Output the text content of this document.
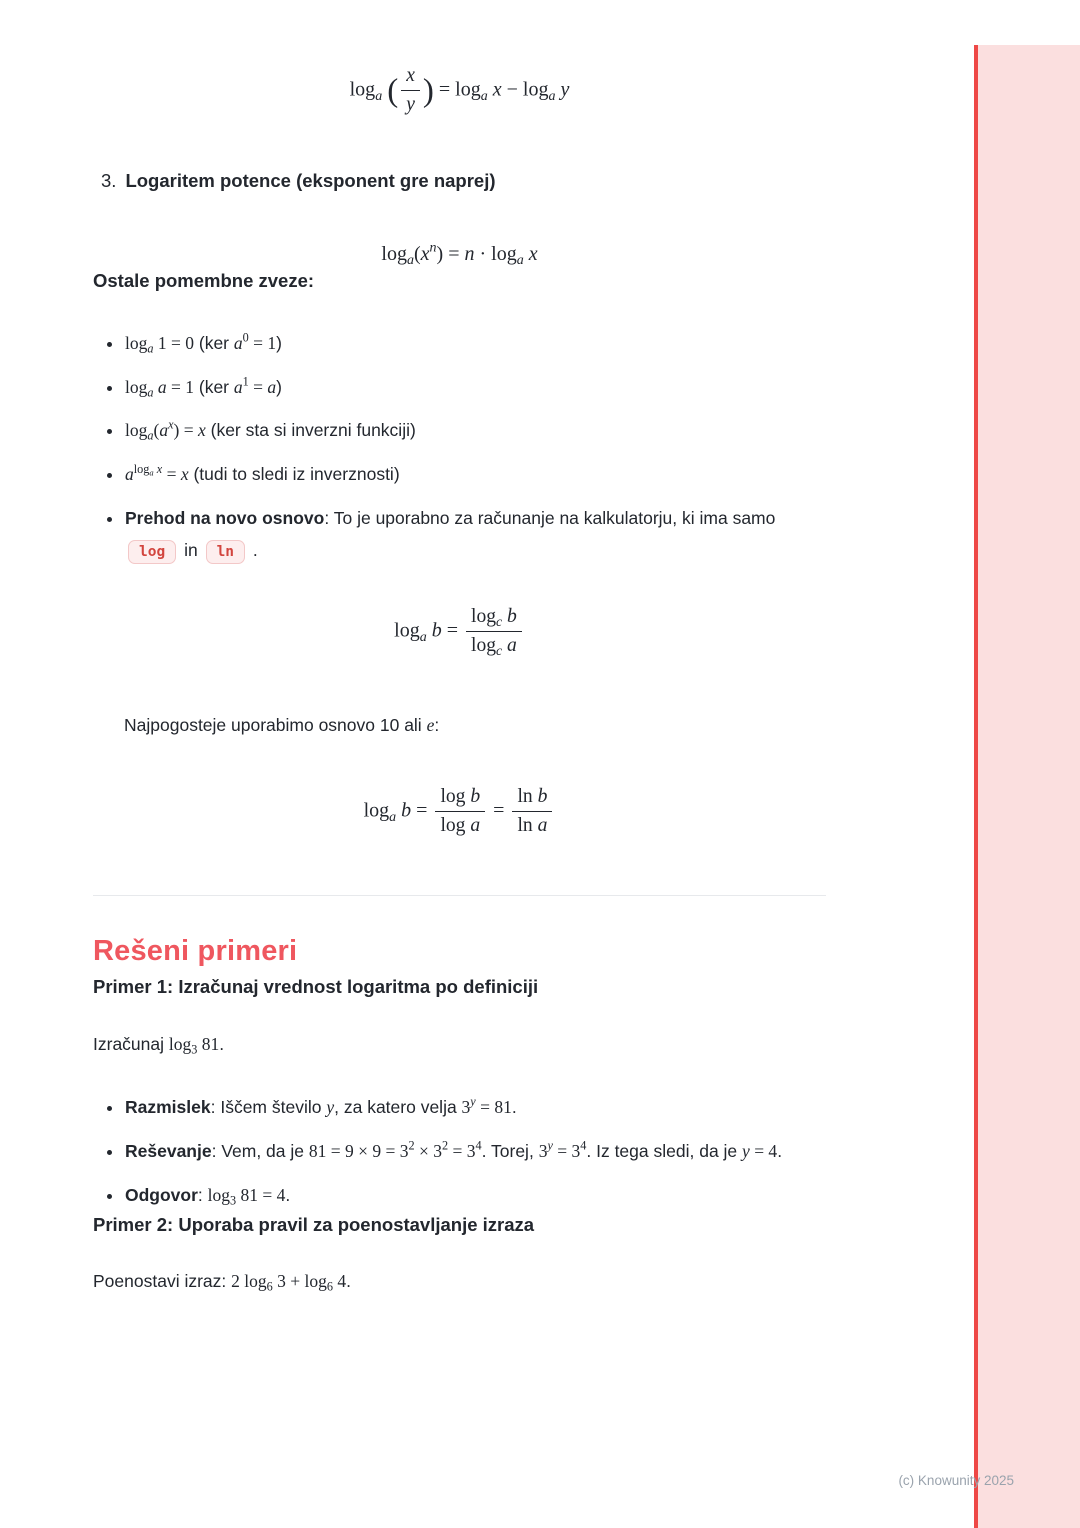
$\log_a$ ( $\frac{x}{y}$ ) = $\log_a x - \log_a y$
3. Logaritem potence (eksponent gre naprej)
$\log_a(x^n) = n \cdot \log_a x$
Ostale pomembne zveze:
• $\log_a 1 = 0$ (ker $a^0 = 1$)
• $\log_a a = 1$ (ker $a^1 = a$)
• $\log_a(a^x) = x$ (ker sta si inverzni funkciji)
• $a^{log_a x} = x$ (tudi to sledi iz inverznosti)
• Prehod na novo osnovo: To je uporabno za računanje na kalkulatorju, ki ima samo log in ln .
$\log_a b = \frac{\log_c b}{\log_c a}$

Najpogosteje uporabimo osnovo 10 ali e:

$\log_a b = \frac{\text{log b}}{\text{log a}} = \frac{\text{ln b}}{\text{ln a}}$
Rešeni primeri
Primer 1: Izračunaj vrednost logaritma po definiciji

Izračunaj $\log_3 81$.

• Razmislek: Iščem število y, za katero velja $3^y = 81$.
• Reševanje: Vem, da je $81 = 9 \times 9 = 3^2 \times 3^2 = 3^4$. Torej, $3^y = 3^4$. Iz tega sledi, da je y = 4.
• Odgovor: $\log_3 81 = 4$.
Primer 2: Uporaba pravil za poenostavljanje izraza

Poenostavi izraz: 2 $\log_6 3 + \log_6 4$.

(c) Knowunity 2025
